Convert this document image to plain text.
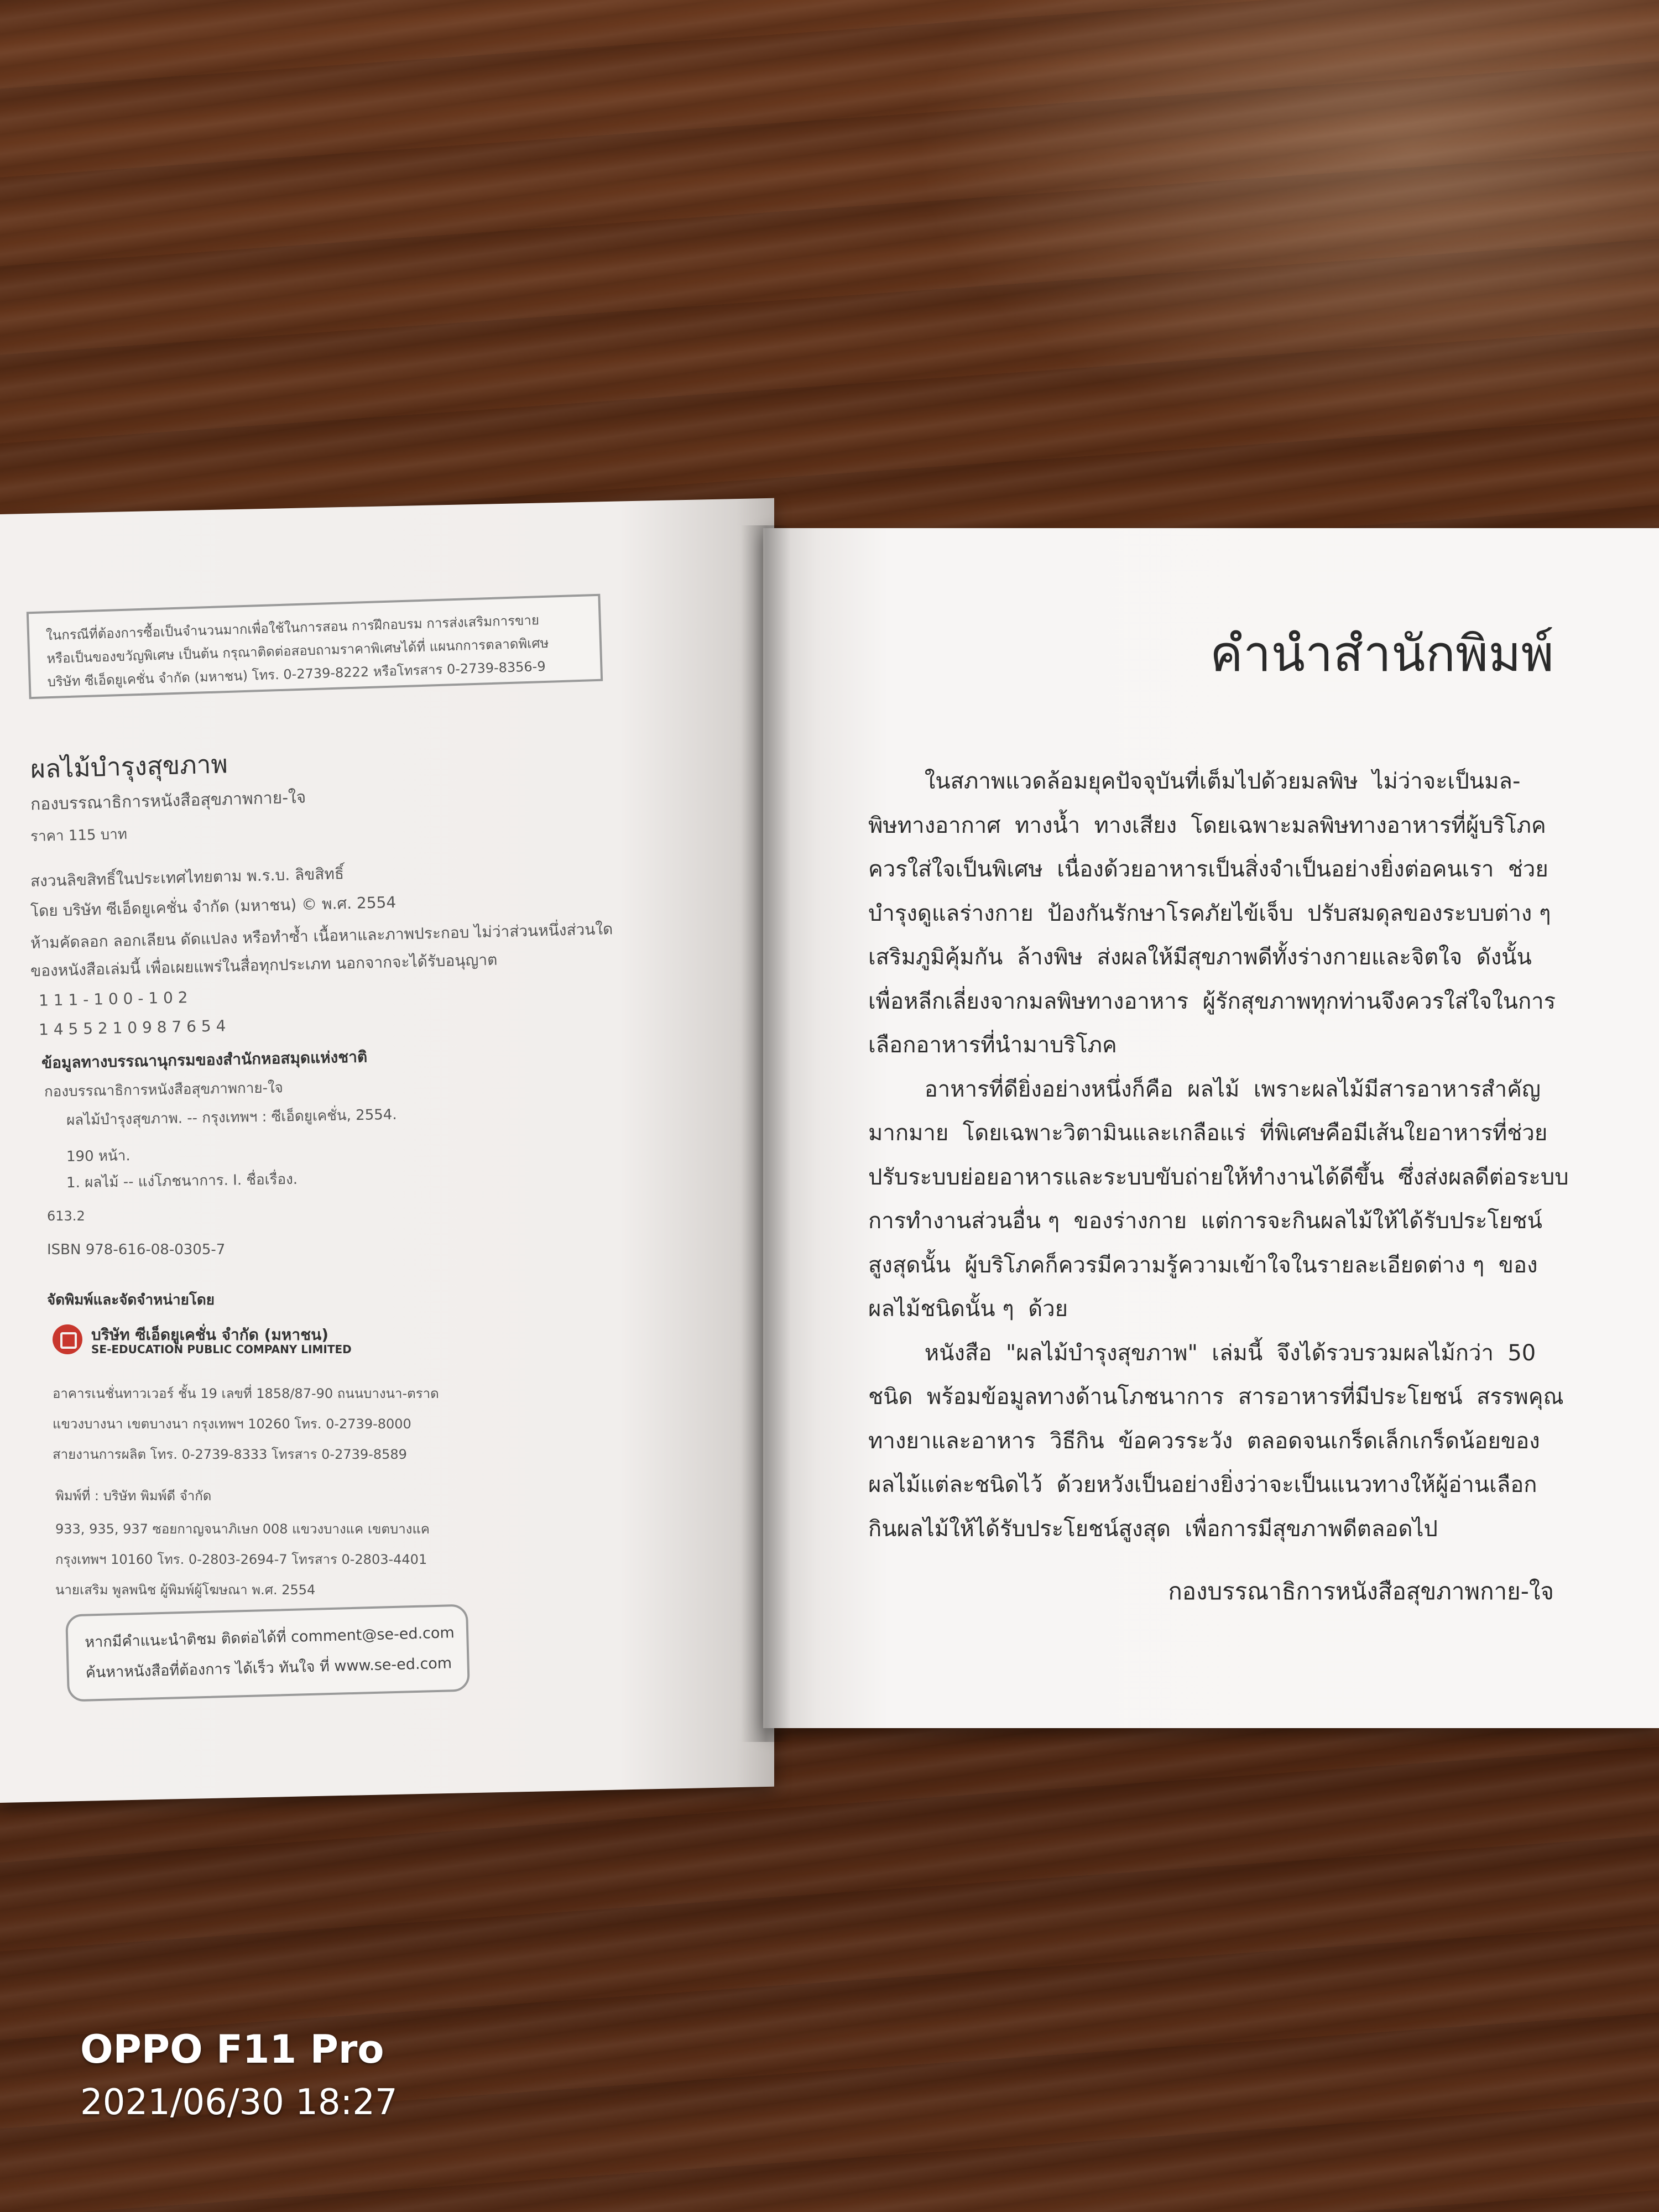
ในกรณีที่ต้องการซื้อเป็นจำนวนมากเพื่อใช้ในการสอน การฝึกอบรม การส่งเสริมการขาย
หรือเป็นของขวัญพิเศษ เป็นต้น กรุณาติดต่อสอบถามราคาพิเศษได้ที่ แผนกการตลาดพิเศษ
บริษัท ซีเอ็ดยูเคชั่น จำกัด (มหาชน) โทร. 0-2739-8222 หรือโทรสาร 0-2739-8356-9
ผลไม้บำรุงสุขภาพ
กองบรรณาธิการหนังสือสุขภาพกาย-ใจ
ราคา 115 บาท
สงวนลิขสิทธิ์ในประเทศไทยตาม พ.ร.บ. ลิขสิทธิ์
โดย บริษัท ซีเอ็ดยูเคชั่น จำกัด (มหาชน) © พ.ศ. 2554
ห้ามคัดลอก ลอกเลียน ดัดแปลง หรือทำซ้ำ เนื้อหาและภาพประกอบ ไม่ว่าส่วนหนึ่งส่วนใด
ของหนังสือเล่มนี้ เพื่อเผยแพร่ในสื่อทุกประเภท นอกจากจะได้รับอนุญาต
1 1 1 - 1 0 0 - 1 0 2
1 4 5 5 2 1 0 9 8 7 6 5 4
ข้อมูลทางบรรณานุกรมของสำนักหอสมุดแห่งชาติ
กองบรรณาธิการหนังสือสุขภาพกาย-ใจ
ผลไม้บำรุงสุขภาพ. -- กรุงเทพฯ : ซีเอ็ดยูเคชั่น, 2554.
190 หน้า.
1. ผลไม้ -- แง่โภชนาการ. I. ชื่อเรื่อง.
613.2
ISBN 978-616-08-0305-7
จัดพิมพ์และจัดจำหน่ายโดย
บริษัท ซีเอ็ดยูเคชั่น จำกัด (มหาชน)
SE-EDUCATION PUBLIC COMPANY LIMITED
อาคารเนชั่นทาวเวอร์ ชั้น 19 เลขที่ 1858/87-90 ถนนบางนา-ตราด
แขวงบางนา เขตบางนา กรุงเทพฯ 10260 โทร. 0-2739-8000
สายงานการผลิต โทร. 0-2739-8333 โทรสาร 0-2739-8589
พิมพ์ที่ : บริษัท พิมพ์ดี จำกัด
933, 935, 937 ซอยกาญจนาภิเษก 008 แขวงบางแค เขตบางแค
กรุงเทพฯ 10160 โทร. 0-2803-2694-7 โทรสาร 0-2803-4401
นายเสริม พูลพนิช ผู้พิมพ์ผู้โฆษณา พ.ศ. 2554
หากมีคำแนะนำติชม ติดต่อได้ที่ comment@se-ed.com
ค้นหาหนังสือที่ต้องการ ได้เร็ว ทันใจ ที่ www.se-ed.com
คำนำสำนักพิมพ์
ในสภาพแวดล้อมยุคปัจจุบันที่เต็มไปด้วยมลพิษ  ไม่ว่าจะเป็นมล-
พิษทางอากาศ  ทางน้ำ  ทางเสียง  โดยเฉพาะมลพิษทางอาหารที่ผู้บริโภค
ควรใส่ใจเป็นพิเศษ  เนื่องด้วยอาหารเป็นสิ่งจำเป็นอย่างยิ่งต่อคนเรา  ช่วย
บำรุงดูแลร่างกาย  ป้องกันรักษาโรคภัยไข้เจ็บ  ปรับสมดุลของระบบต่าง ๆ
เสริมภูมิคุ้มกัน  ล้างพิษ  ส่งผลให้มีสุขภาพดีทั้งร่างกายและจิตใจ  ดังนั้น
เพื่อหลีกเลี่ยงจากมลพิษทางอาหาร  ผู้รักสุขภาพทุกท่านจึงควรใส่ใจในการ
เลือกอาหารที่นำมาบริโภค
อาหารที่ดียิ่งอย่างหนึ่งก็คือ  ผลไม้  เพราะผลไม้มีสารอาหารสำคัญ
มากมาย  โดยเฉพาะวิตามินและเกลือแร่  ที่พิเศษคือมีเส้นใยอาหารที่ช่วย
ปรับระบบย่อยอาหารและระบบขับถ่ายให้ทำงานได้ดีขึ้น  ซึ่งส่งผลดีต่อระบบ
การทำงานส่วนอื่น ๆ  ของร่างกาย  แต่การจะกินผลไม้ให้ได้รับประโยชน์
สูงสุดนั้น  ผู้บริโภคก็ควรมีความรู้ความเข้าใจในรายละเอียดต่าง ๆ  ของ
ผลไม้ชนิดนั้น ๆ  ด้วย
หนังสือ  "ผลไม้บำรุงสุขภาพ"  เล่มนี้  จึงได้รวบรวมผลไม้กว่า  50
ชนิด  พร้อมข้อมูลทางด้านโภชนาการ  สารอาหารที่มีประโยชน์  สรรพคุณ
ทางยาและอาหาร  วิธีกิน  ข้อควรระวัง  ตลอดจนเกร็ดเล็กเกร็ดน้อยของ
ผลไม้แต่ละชนิดไว้  ด้วยหวังเป็นอย่างยิ่งว่าจะเป็นแนวทางให้ผู้อ่านเลือก
กินผลไม้ให้ได้รับประโยชน์สูงสุด  เพื่อการมีสุขภาพดีตลอดไป
กองบรรณาธิการหนังสือสุขภาพกาย-ใจ
OPPO F11 Pro
2021/06/30 18:27
